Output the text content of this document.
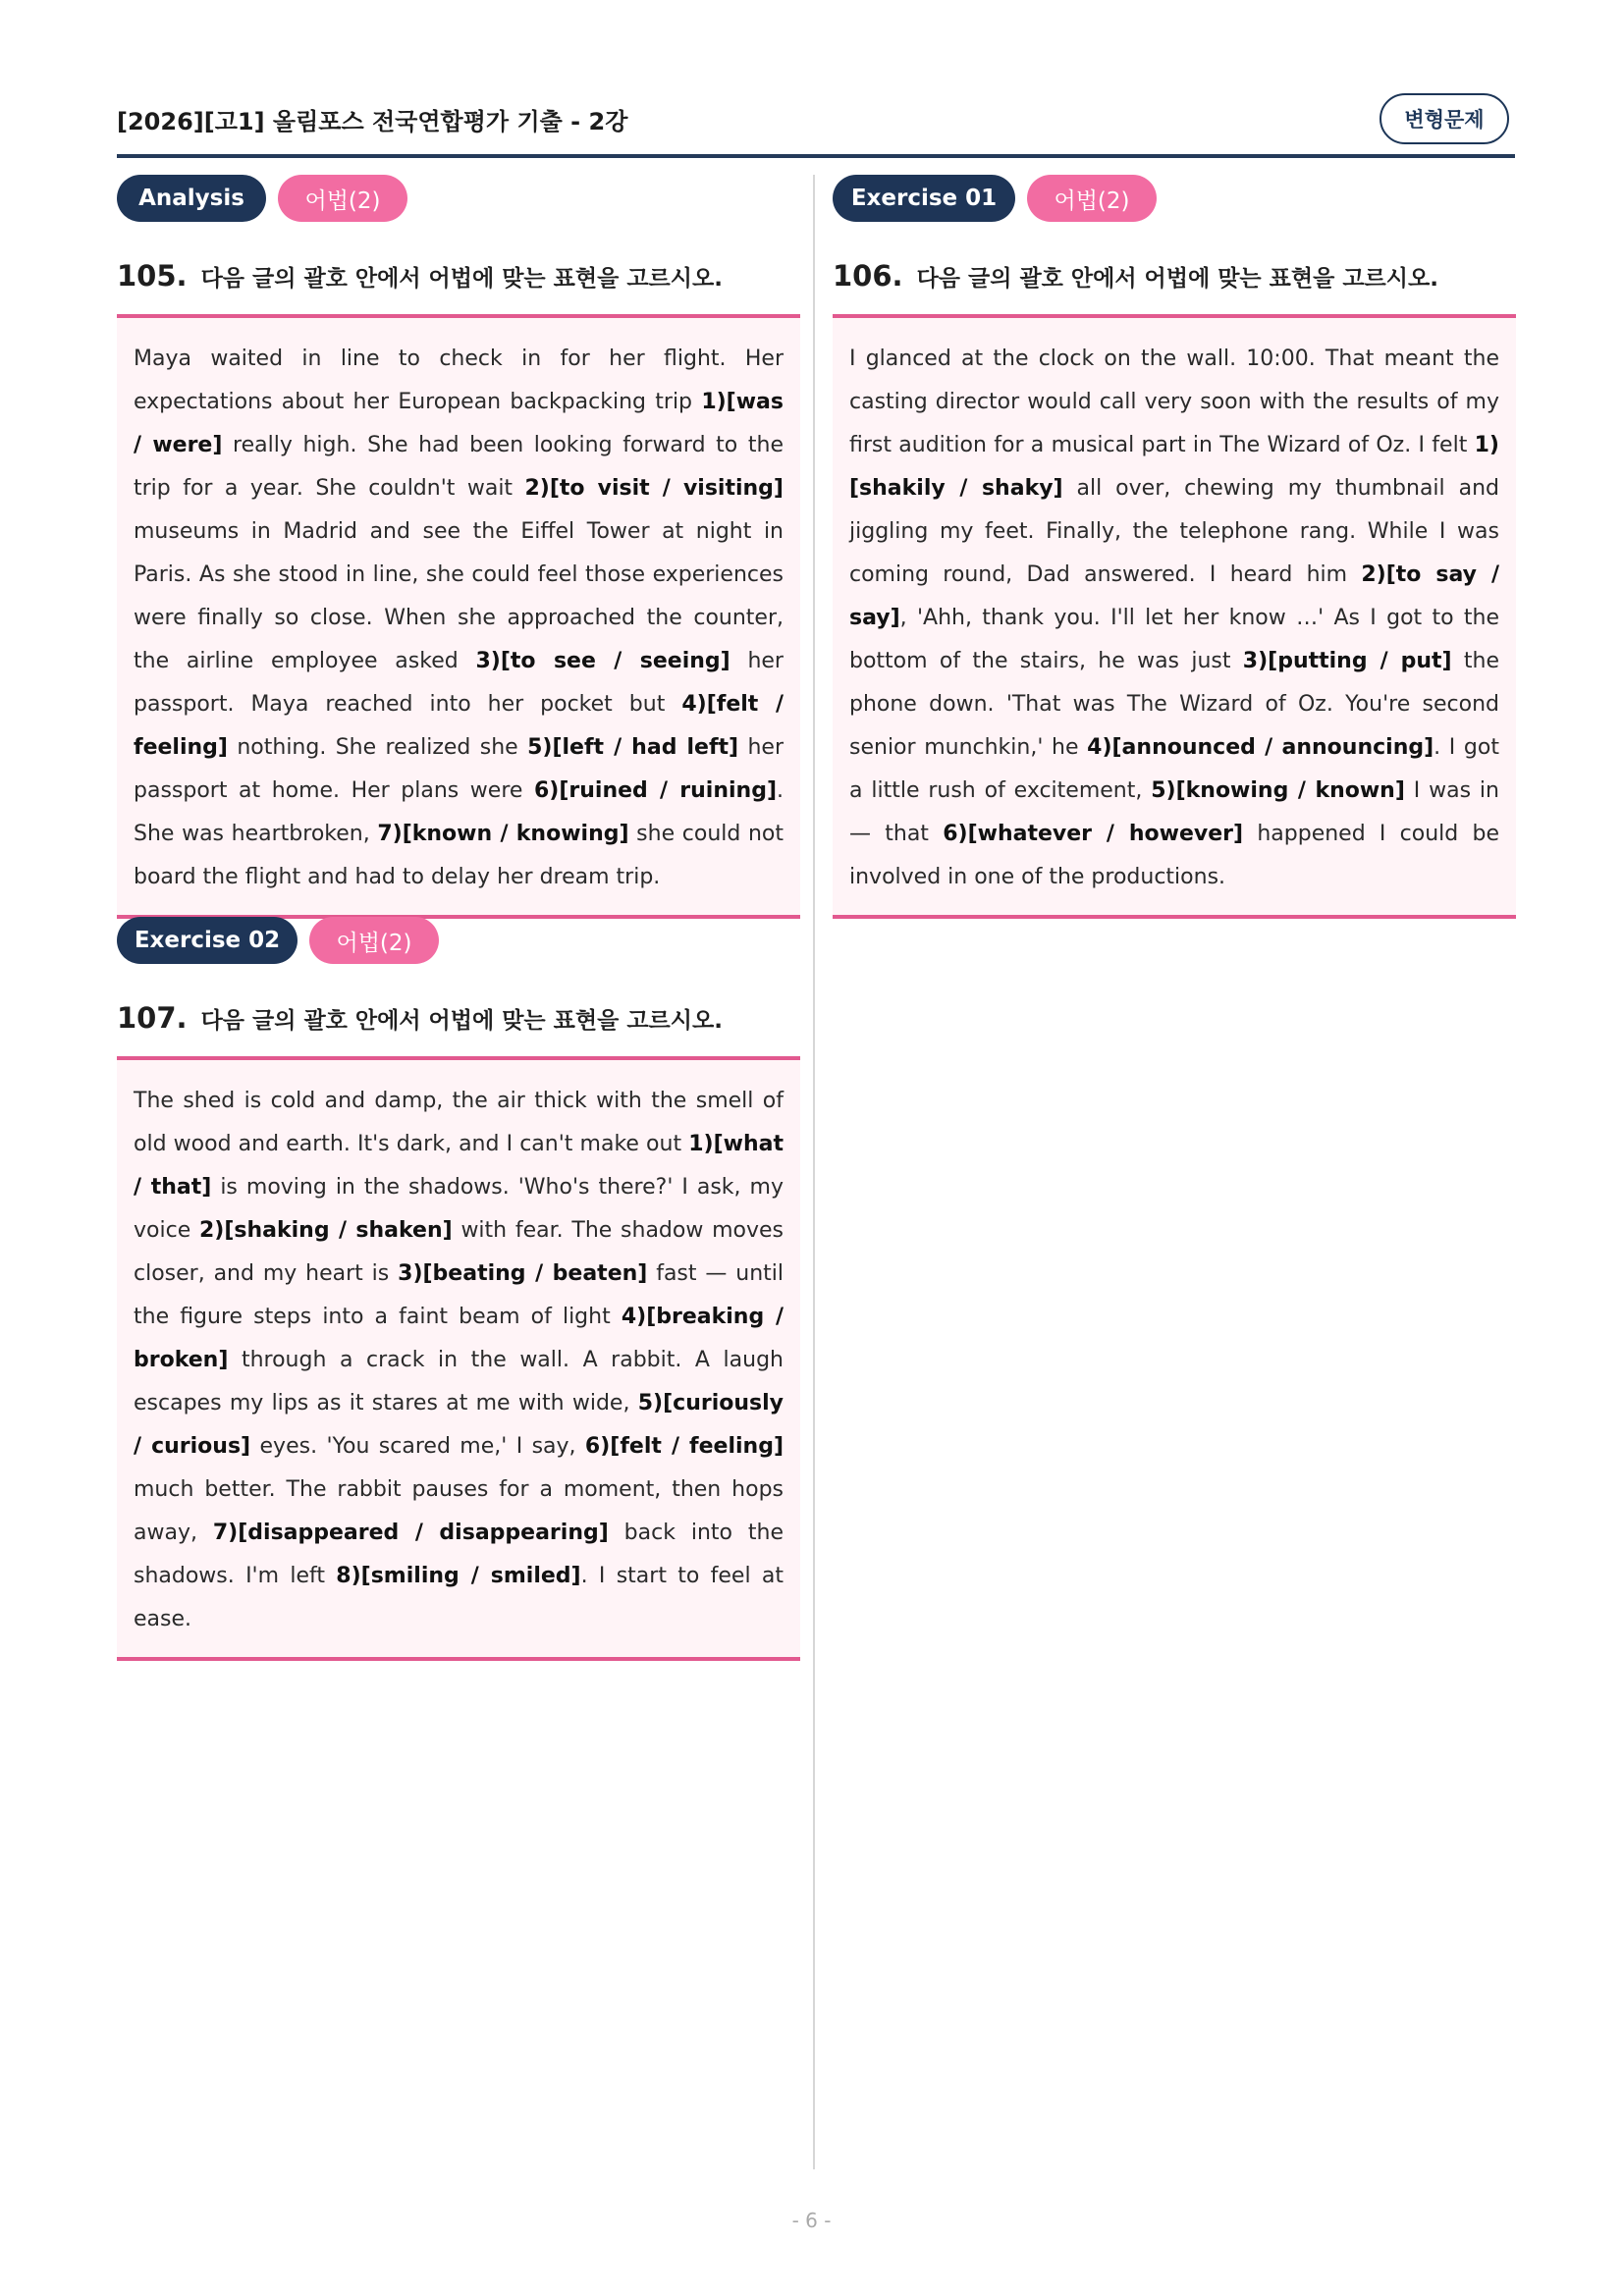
[2026][고1] 올림포스 전국연합평가 기출 - 2강	변형문제
Analysis	어법(2)
105. 다음 글의 괄호 안에서 어법에 맞는 표현을 고르시오.

Maya waited in line to check in for her flight. Her expectations about her European backpacking trip 1)[was / were] really high. She had been looking forward to the trip for a year. She couldn't wait 2)[to visit / visiting] museums in Madrid and see the Eiffel Tower at night in Paris. As she stood in line, she could feel those experiences were finally so close. When she approached the counter, the airline employee asked 3)[to see / seeing] her passport. Maya reached into her pocket but 4)[felt / feeling] nothing. She realized she 5)[left / had left] her passport at home. Her plans were 6)[ruined / ruining]. She was heartbroken, 7)[known / knowing] she could not board the flight and had to delay her dream trip.

Exercise 01	어법(2)
106. 다음 글의 괄호 안에서 어법에 맞는 표현을 고르시오.

I glanced at the clock on the wall. 10:00. That meant the casting director would call very soon with the results of my first audition for a musical part in The Wizard of Oz. I felt 1)[shakily / shaky] all over, chewing my thumbnail and jiggling my feet. Finally, the telephone rang. While I was coming round, Dad answered. I heard him 2)[to say / say], 'Ahh, thank you. I'll let her know …' As I got to the bottom of the stairs, he was just 3)[putting / put] the phone down. 'That was The Wizard of Oz. You're second senior munchkin,' he 4)[announced / announcing]. I got a little rush of excitement, 5)[knowing / known] I was in — that 6)[whatever / however] happened I could be involved in one of the productions.

Exercise 02	어법(2)
107. 다음 글의 괄호 안에서 어법에 맞는 표현을 고르시오.

The shed is cold and damp, the air thick with the smell of old wood and earth. It's dark, and I can't make out 1)[what / that] is moving in the shadows. 'Who's there?' I ask, my voice 2)[shaking / shaken] with fear. The shadow moves closer, and my heart is 3)[beating / beaten] fast — until the figure steps into a faint beam of light 4)[breaking / broken] through a crack in the wall. A rabbit. A laugh escapes my lips as it stares at me with wide, 5)[curiously / curious] eyes. 'You scared me,' I say, 6)[felt / feeling] much better. The rabbit pauses for a moment, then hops away, 7)[disappeared / disappearing] back into the shadows. I'm left 8)[smiling / smiled]. I start to feel at ease.

- 6 -
